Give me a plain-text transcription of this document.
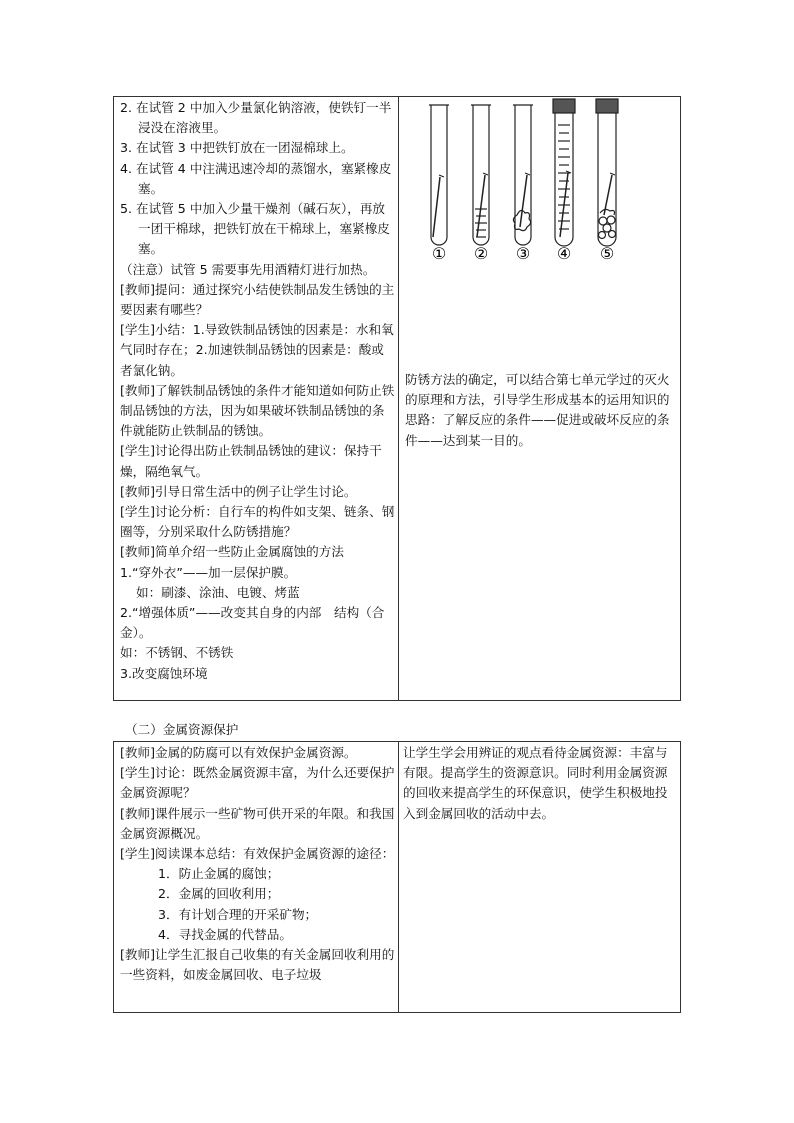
2. 在试管 2 中加入少量氯化钠溶液，使铁钉一半浸没在溶液里。

3. 在试管 3 中把铁钉放在一团湿棉球上。

4. 在试管 4 中注满迅速冷却的蒸馏水，塞紧橡皮塞。

5. 在试管 5 中加入少量干燥剂（碱石灰），再放一团干棉球，把铁钉放在干棉球上，塞紧橡皮塞。

（注意）试管 5 需要事先用酒精灯进行加热。

[教师]提问：通过探究小结使铁制品发生锈蚀的主要因素有哪些？

[学生]小结：1.导致铁制品锈蚀的因素是：水和氧气同时存在；2.加速铁制品锈蚀的因素是：酸或者氯化钠。

[教师]了解铁制品锈蚀的条件才能知道如何防止铁制品锈蚀的方法，因为如果破坏铁制品锈蚀的条件就能防止铁制品的锈蚀。

[学生]讨论得出防止铁制品锈蚀的建议：保持干燥，隔绝氧气。

[教师]引导日常生活中的例子让学生讨论。

[学生]讨论分析：自行车的构件如支架、链条、钢圈等，分别采取什么防锈措施？

[教师]简单介绍一些防止金属腐蚀的方法

1.“穿外衣”——加一层保护膜。

如：刷漆、涂油、电镀、烤蓝

2.“增强体质”——改变其自身的内部　结构（合金）。

如：不锈钢、不锈铁

3.改变腐蚀环境

① ② ③ ④ ⑤

防锈方法的确定，可以结合第七单元学过的灭火的原理和方法，引导学生形成基本的运用知识的思路：了解反应的条件——促进或破坏反应的条件——达到某一目的。

（二）金属资源保护

[教师]金属的防腐可以有效保护金属资源。

[学生]讨论：既然金属资源丰富，为什么还要保护金属资源呢？

[教师]课件展示一些矿物可供开采的年限。和我国金属资源概况。

[学生]阅读课本总结：有效保护金属资源的途径：

1．防止金属的腐蚀；

2．金属的回收利用；

3．有计划合理的开采矿物；

4．寻找金属的代替品。

[教师]让学生汇报自己收集的有关金属回收利用的一些资料，如废金属回收、电子垃圾

让学生学会用辨证的观点看待金属资源：丰富与有限。提高学生的资源意识。同时利用金属资源的回收来提高学生的环保意识，使学生积极地投入到金属回收的活动中去。
